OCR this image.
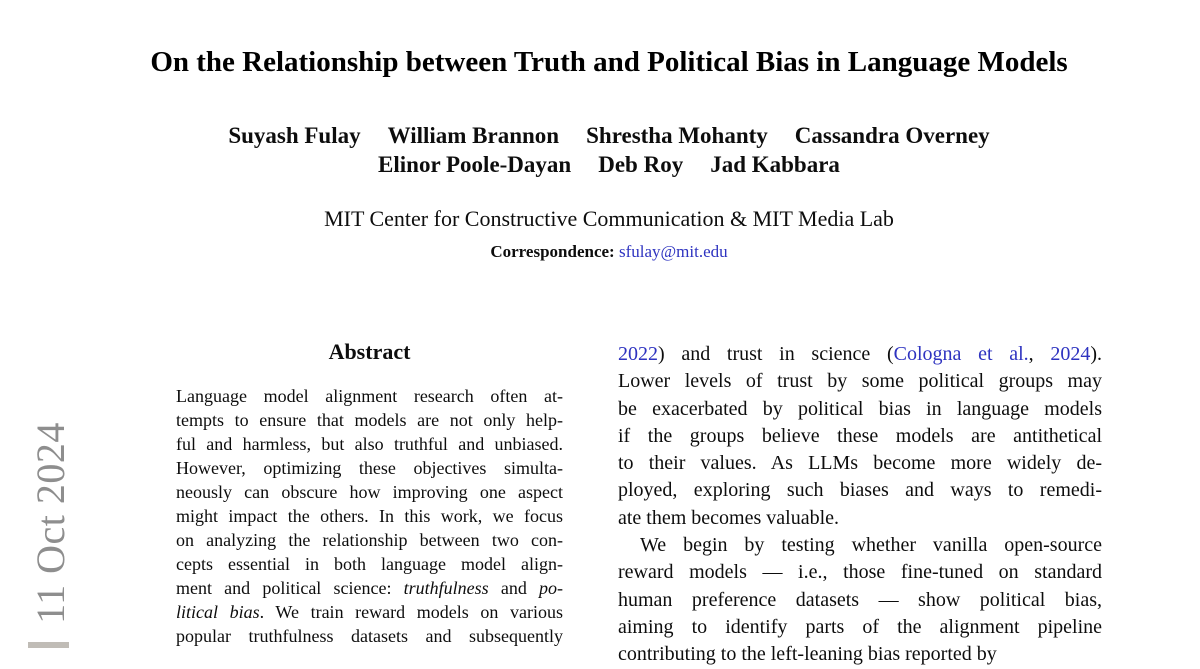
11 Oct 2024
On the Relationship between Truth and Political Bias in Language Models
Suyash Fulay William Brannon Shrestha Mohanty Cassandra Overney
Elinor Poole-Dayan Deb Roy Jad Kabbara
MIT Center for Constructive Communication & MIT Media Lab
Correspondence: sfulay@mit.edu
Abstract
Language model alignment research often at-
tempts to ensure that models are not only help-
ful and harmless, but also truthful and unbiased.
However, optimizing these objectives simulta-
neously can obscure how improving one aspect
might impact the others. In this work, we focus
on analyzing the relationship between two con-
cepts essential in both language model align-
ment and political science: truthfulness and po-
litical bias. We train reward models on various
popular truthfulness datasets and subsequently
2022) and trust in science (Cologna et al., 2024).
Lower levels of trust by some political groups may
be exacerbated by political bias in language models
if the groups believe these models are antithetical
to their values. As LLMs become more widely de-
ployed, exploring such biases and ways to remedi-
ate them becomes valuable.
We begin by testing whether vanilla open-source
reward models — i.e., those fine-tuned on standard
human preference datasets — show political bias,
aiming to identify parts of the alignment pipeline
contributing to the left-leaning bias reported by
